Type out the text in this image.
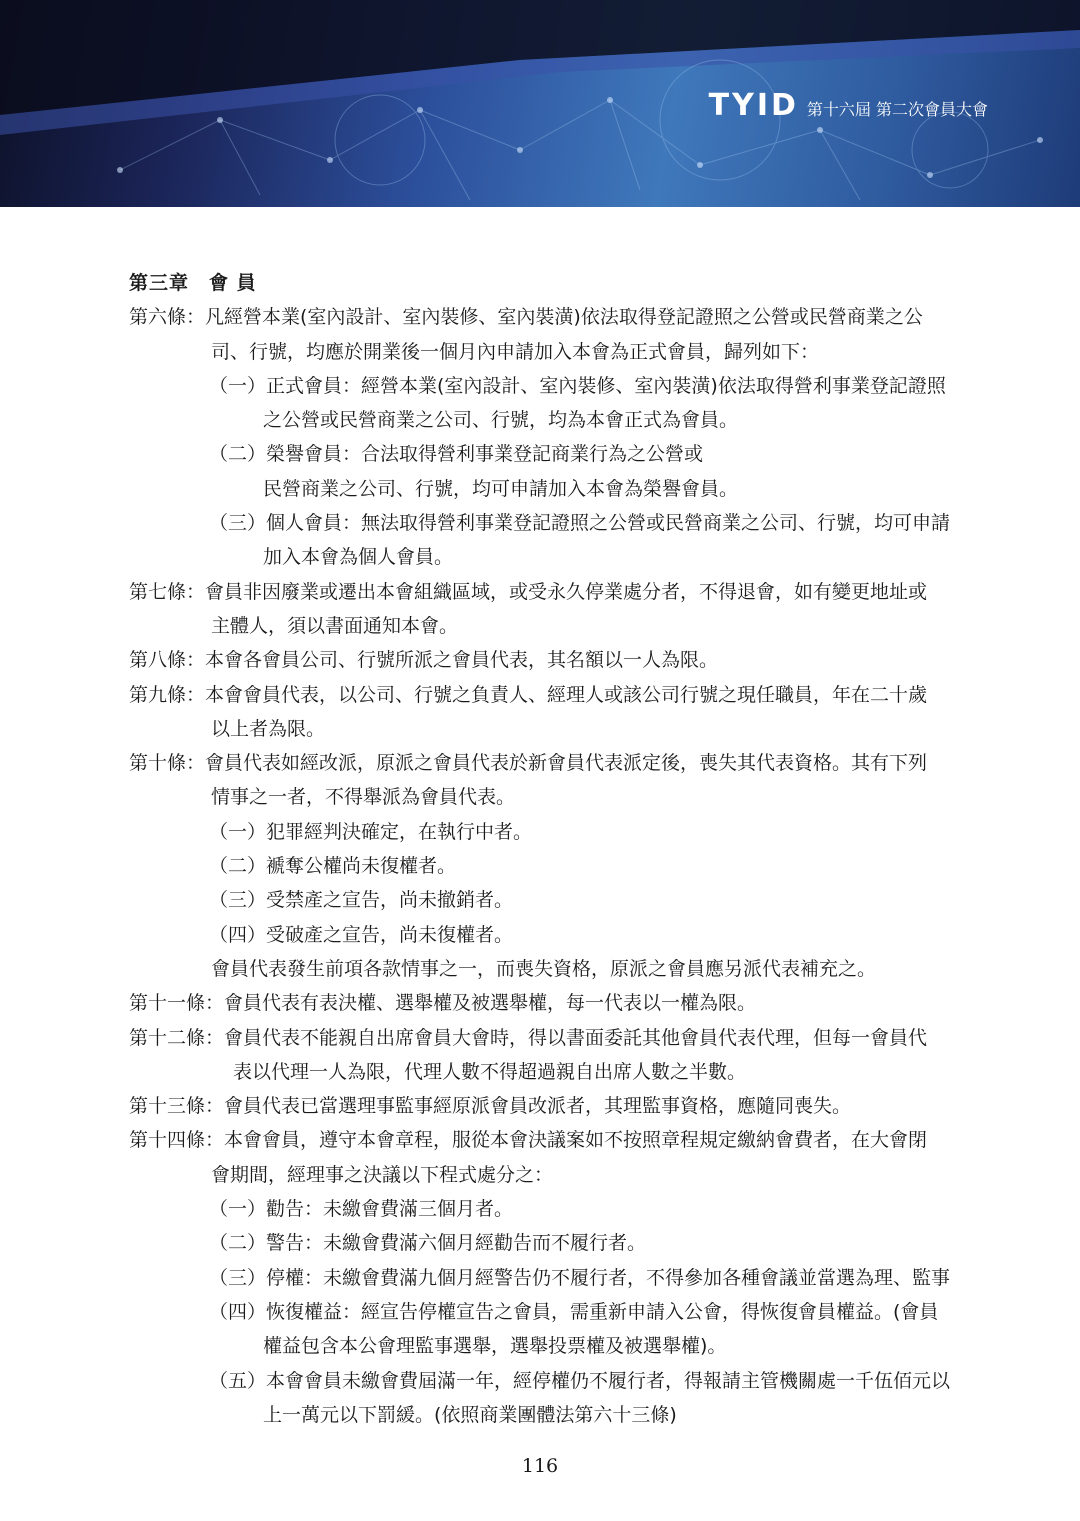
TYID 第十六屆 第二次會員大會
第三章　會 員
第六條：凡經營本業(室內設計、室內裝修、室內裝潢)依法取得登記證照之公營或民營商業之公
司、行號，均應於開業後一個月內申請加入本會為正式會員，歸列如下：
（一）正式會員：經營本業(室內設計、室內裝修、室內裝潢)依法取得營利事業登記證照
之公營或民營商業之公司、行號，均為本會正式為會員。
（二）榮譽會員：合法取得營利事業登記商業行為之公營或
民營商業之公司、行號，均可申請加入本會為榮譽會員。
（三）個人會員：無法取得營利事業登記證照之公營或民營商業之公司、行號，均可申請
加入本會為個人會員。
第七條：會員非因廢業或遷出本會組織區域，或受永久停業處分者，不得退會，如有變更地址或
主體人，須以書面通知本會。
第八條：本會各會員公司、行號所派之會員代表，其名額以一人為限。
第九條：本會會員代表，以公司、行號之負責人、經理人或該公司行號之現任職員，年在二十歲
以上者為限。
第十條：會員代表如經改派，原派之會員代表於新會員代表派定後，喪失其代表資格。其有下列
情事之一者，不得舉派為會員代表。
（一）犯罪經判決確定，在執行中者。
（二）褫奪公權尚未復權者。
（三）受禁產之宣告，尚未撤銷者。
（四）受破產之宣告，尚未復權者。
會員代表發生前項各款情事之一，而喪失資格，原派之會員應另派代表補充之。
第十一條：會員代表有表決權、選舉權及被選舉權，每一代表以一權為限。
第十二條：會員代表不能親自出席會員大會時，得以書面委託其他會員代表代理，但每一會員代
表以代理一人為限，代理人數不得超過親自出席人數之半數。
第十三條：會員代表已當選理事監事經原派會員改派者，其理監事資格，應隨同喪失。
第十四條：本會會員，遵守本會章程，服從本會決議案如不按照章程規定繳納會費者，在大會閉
會期間，經理事之決議以下程式處分之：
（一）勸告：未繳會費滿三個月者。
（二）警告：未繳會費滿六個月經勸告而不履行者。
（三）停權：未繳會費滿九個月經警告仍不履行者，不得參加各種會議並當選為理、監事
（四）恢復權益：經宣告停權宣告之會員，需重新申請入公會，得恢復會員權益。(會員
權益包含本公會理監事選舉，選舉投票權及被選舉權)。
（五）本會會員未繳會費屆滿一年，經停權仍不履行者，得報請主管機關處一千伍佰元以
上一萬元以下罰緩。(依照商業團體法第六十三條)
116
